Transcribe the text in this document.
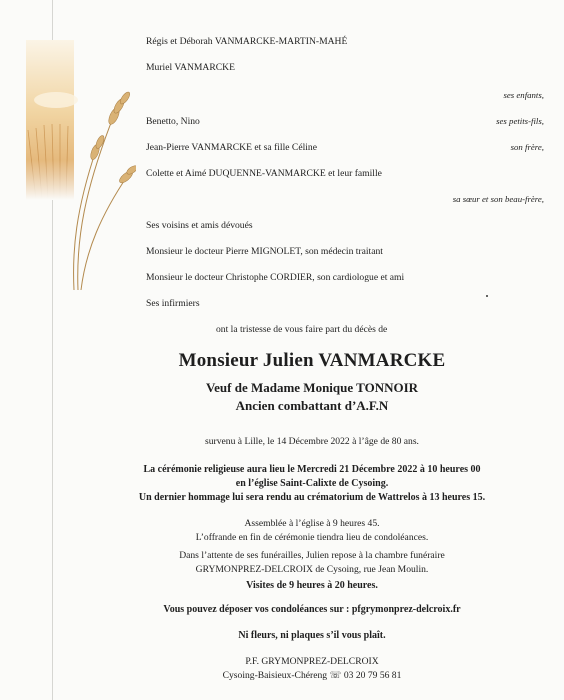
Régis et Déborah VANMARCKE-MARTIN-MAHÉ
Muriel VANMARCKE
ses enfants,
Benetto, Nino	ses petits-fils,
Jean-Pierre VANMARCKE et sa fille Céline	son frère,
Colette et Aimé DUQUENNE-VANMARCKE et leur famille
sa sœur et son beau-frère,
Ses voisins et amis dévoués
Monsieur le docteur Pierre MIGNOLET, son médecin traitant
Monsieur le docteur Christophe CORDIER, son cardiologue et ami
Ses infirmiers
ont la tristesse de vous faire part du décès de
Monsieur Julien VANMARCKE
Veuf de Madame Monique TONNOIR
Ancien combattant d’A.F.N
survenu à Lille, le 14 Décembre 2022 à l’âge de 80 ans.
La cérémonie religieuse aura lieu le Mercredi 21 Décembre 2022 à 10 heures 00
en l’église Saint-Calixte de Cysoing.
Un dernier hommage lui sera rendu au crématorium de Wattrelos à 13 heures 15.
Assemblée à l’église à 9 heures 45.
L’offrande en fin de cérémonie tiendra lieu de condoléances.
Dans l’attente de ses funérailles, Julien repose à la chambre funéraire
GRYMONPREZ-DELCROIX de Cysoing, rue Jean Moulin.
Visites de 9 heures à 20 heures.
Vous pouvez déposer vos condoléances sur : pfgrymonprez-delcroix.fr
Ni fleurs, ni plaques s’il vous plaît.
P.F. GRYMONPREZ-DELCROIX
Cysoing-Baisieux-Chéreng ☏ 03 20 79 56 81
